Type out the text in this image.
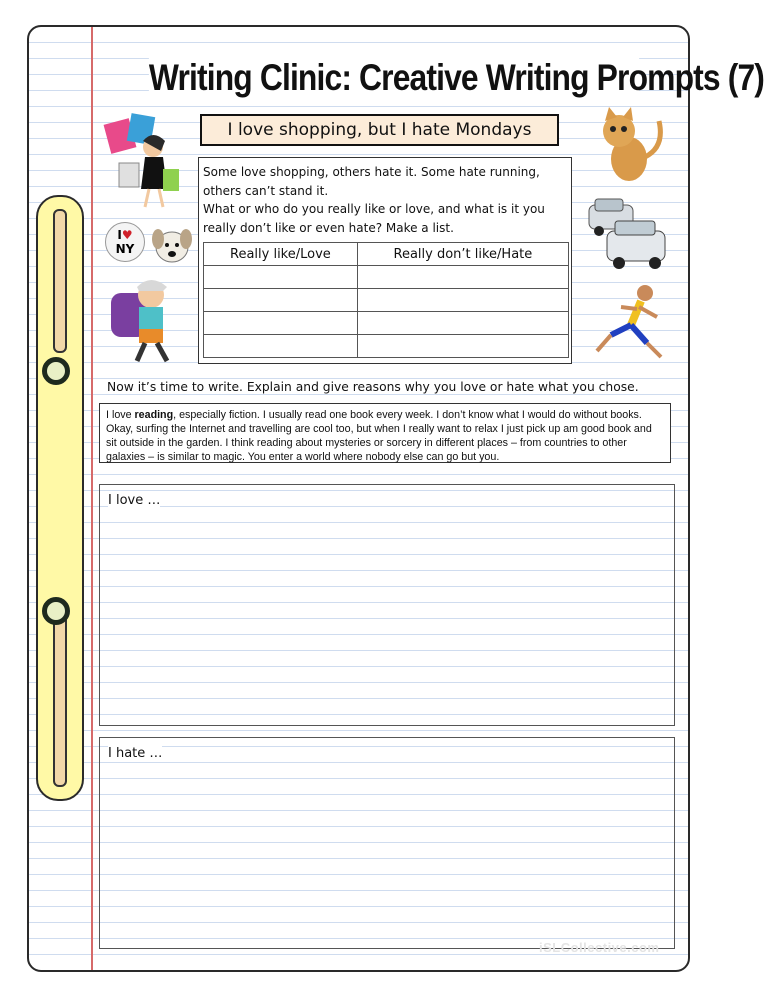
Writing Clinic: Creative Writing Prompts (7)
I♥
NY
I love shopping, but I hate Mondays
Some love shopping, others hate it. Some hate running,
others can’t stand it.
What or who do you really like or love, and what is it you
really don’t like or even hate? Make a list.
Really like/Love	Really don’t like/Hate

Now it’s time to write. Explain and give reasons why you love or hate what you chose.
I love reading, especially fiction. I usually read one book every week. I don’t know what I would do without books. Okay, surfing the Internet and travelling are cool too, but when I really want to relax I just pick up am good book and sit outside in the garden. I think reading about mysteries or sorcery in different places – from countries to other galaxies – is similar to magic. You enter a world where nobody else can go but you.
I love …
I hate …
iSLCollective.com
